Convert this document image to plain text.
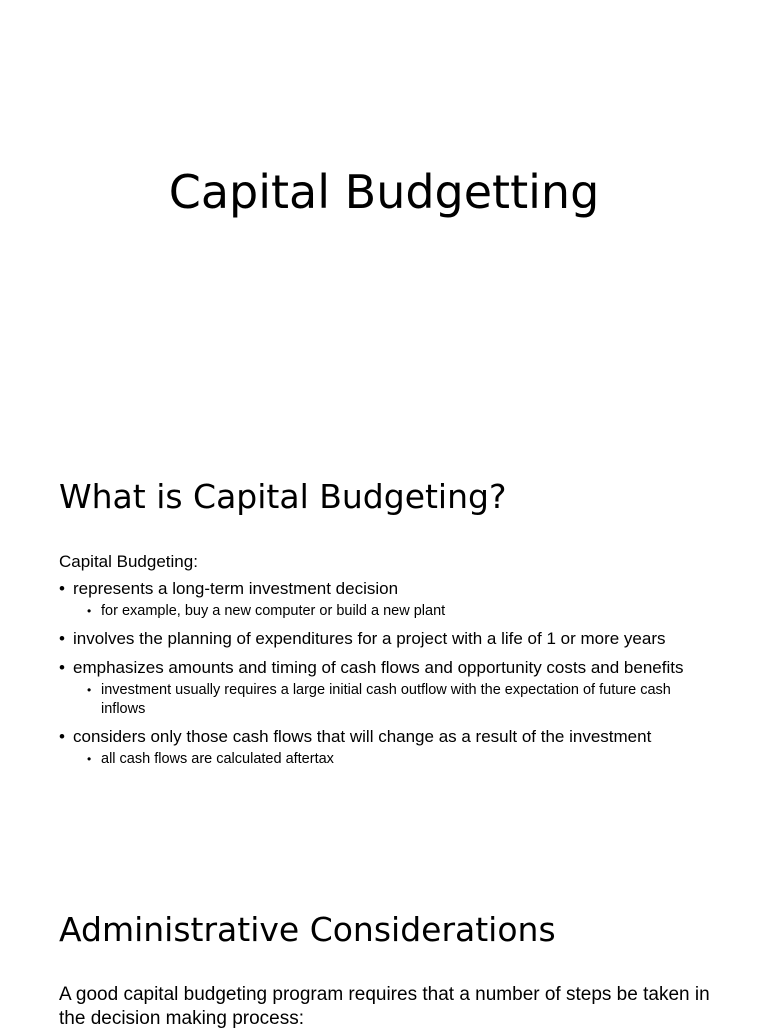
Capital Budgetting
What is Capital Budgeting?

Capital Budgeting:

• represents a long-term investment decision
• for example, buy a new computer or build a new plant
• involves the planning of expenditures for a project with a life of 1 or more years
• emphasizes amounts and timing of cash flows and opportunity costs and benefits
• investment usually requires a large initial cash outflow with the expectation of future cash inflows
• considers only those cash flows that will change as a result of the investment
• all cash flows are calculated aftertax
Administrative Considerations

A good capital budgeting program requires that a number of steps be taken in the decision making process:
